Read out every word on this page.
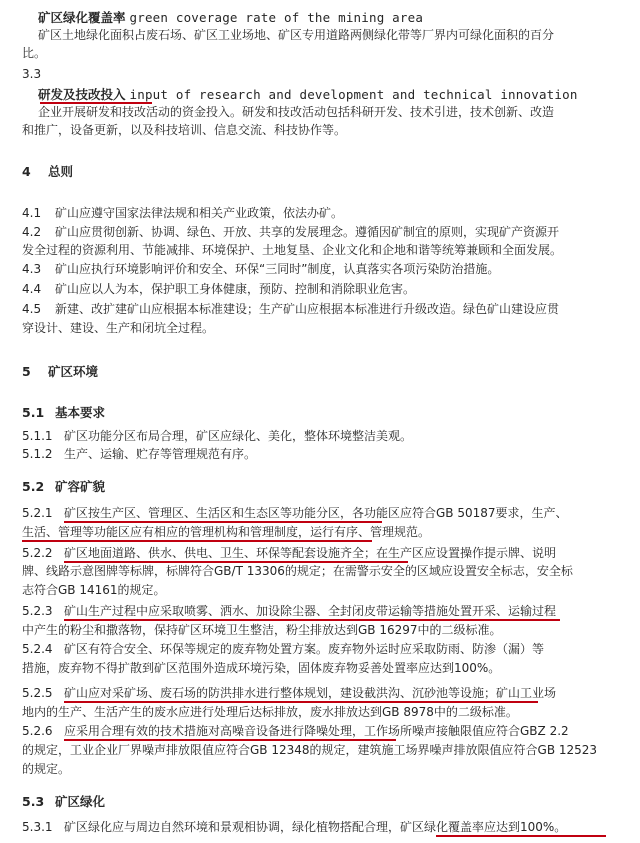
矿区绿化覆盖率 green coverage rate of the mining area

矿区土地绿化面积占废石场、矿区工业场地、矿区专用道路两侧绿化带等厂界内可绿化面积的百分

比。

3.3

研发及技改投入 input of research and development and technical innovation

企业开展研发和技改活动的资金投入。研发和技改活动包括科研开发、技术引进，技术创新、改造

和推广，设备更新，以及科技培训、信息交流、科技协作等。

4 总则

4.1 矿山应遵守国家法律法规和相关产业政策，依法办矿。

4.2 矿山应贯彻创新、协调、绿色、开放、共享的发展理念。遵循因矿制宜的原则，实现矿产资源开

发全过程的资源利用、节能减排、环境保护、土地复垦、企业文化和企地和谐等统筹兼顾和全面发展。

4.3 矿山应执行环境影响评价和安全、环保“三同时”制度，认真落实各项污染防治措施。

4.4 矿山应以人为本，保护职工身体健康，预防、控制和消除职业危害。

4.5 新建、改扩建矿山应根据本标准建设；生产矿山应根据本标准进行升级改造。绿色矿山建设应贯

穿设计、建设、生产和闭坑全过程。

5 矿区环境
5.1 基本要求

5.1.1 矿区功能分区布局合理，矿区应绿化、美化，整体环境整洁美观。

5.1.2 生产、运输、贮存等管理规范有序。

5.2 矿容矿貌

5.2.1 矿区按生产区、管理区、生活区和生态区等功能分区，各功能区应符合GB 50187要求，生产、

生活、管理等功能区应有相应的管理机构和管理制度，运行有序、管理规范。

5.2.2 矿区地面道路、供水、供电、卫生、环保等配套设施齐全；在生产区应设置操作提示牌、说明

牌、线路示意图牌等标牌，标牌符合GB/T 13306的规定；在需警示安全的区域应设置安全标志，安全标

志符合GB 14161的规定。

5.2.3 矿山生产过程中应采取喷雾、洒水、加设除尘器、全封闭皮带运输等措施处置开采、运输过程

中产生的粉尘和撒落物，保持矿区环境卫生整洁，粉尘排放达到GB 16297中的二级标准。

5.2.4 矿区有符合安全、环保等规定的废弃物处置方案。废弃物外运时应采取防雨、防渗（漏）等

措施，废弃物不得扩散到矿区范围外造成环境污染，固体废弃物妥善处置率应达到100%。

5.2.5 矿山应对采矿场、废石场的防洪排水进行整体规划，建设截洪沟、沉砂池等设施；矿山工业场

地内的生产、生活产生的废水应进行处理后达标排放，废水排放达到GB 8978中的二级标准。

5.2.6 应采用合理有效的技术措施对高噪音设备进行降噪处理，工作场所噪声接触限值应符合GBZ 2.2

的规定，工业企业厂界噪声排放限值应符合GB 12348的规定，建筑施工场界噪声排放限值应符合GB 12523

的规定。

5.3 矿区绿化

5.3.1 矿区绿化应与周边自然环境和景观相协调，绿化植物搭配合理，矿区绿化覆盖率应达到100%。
